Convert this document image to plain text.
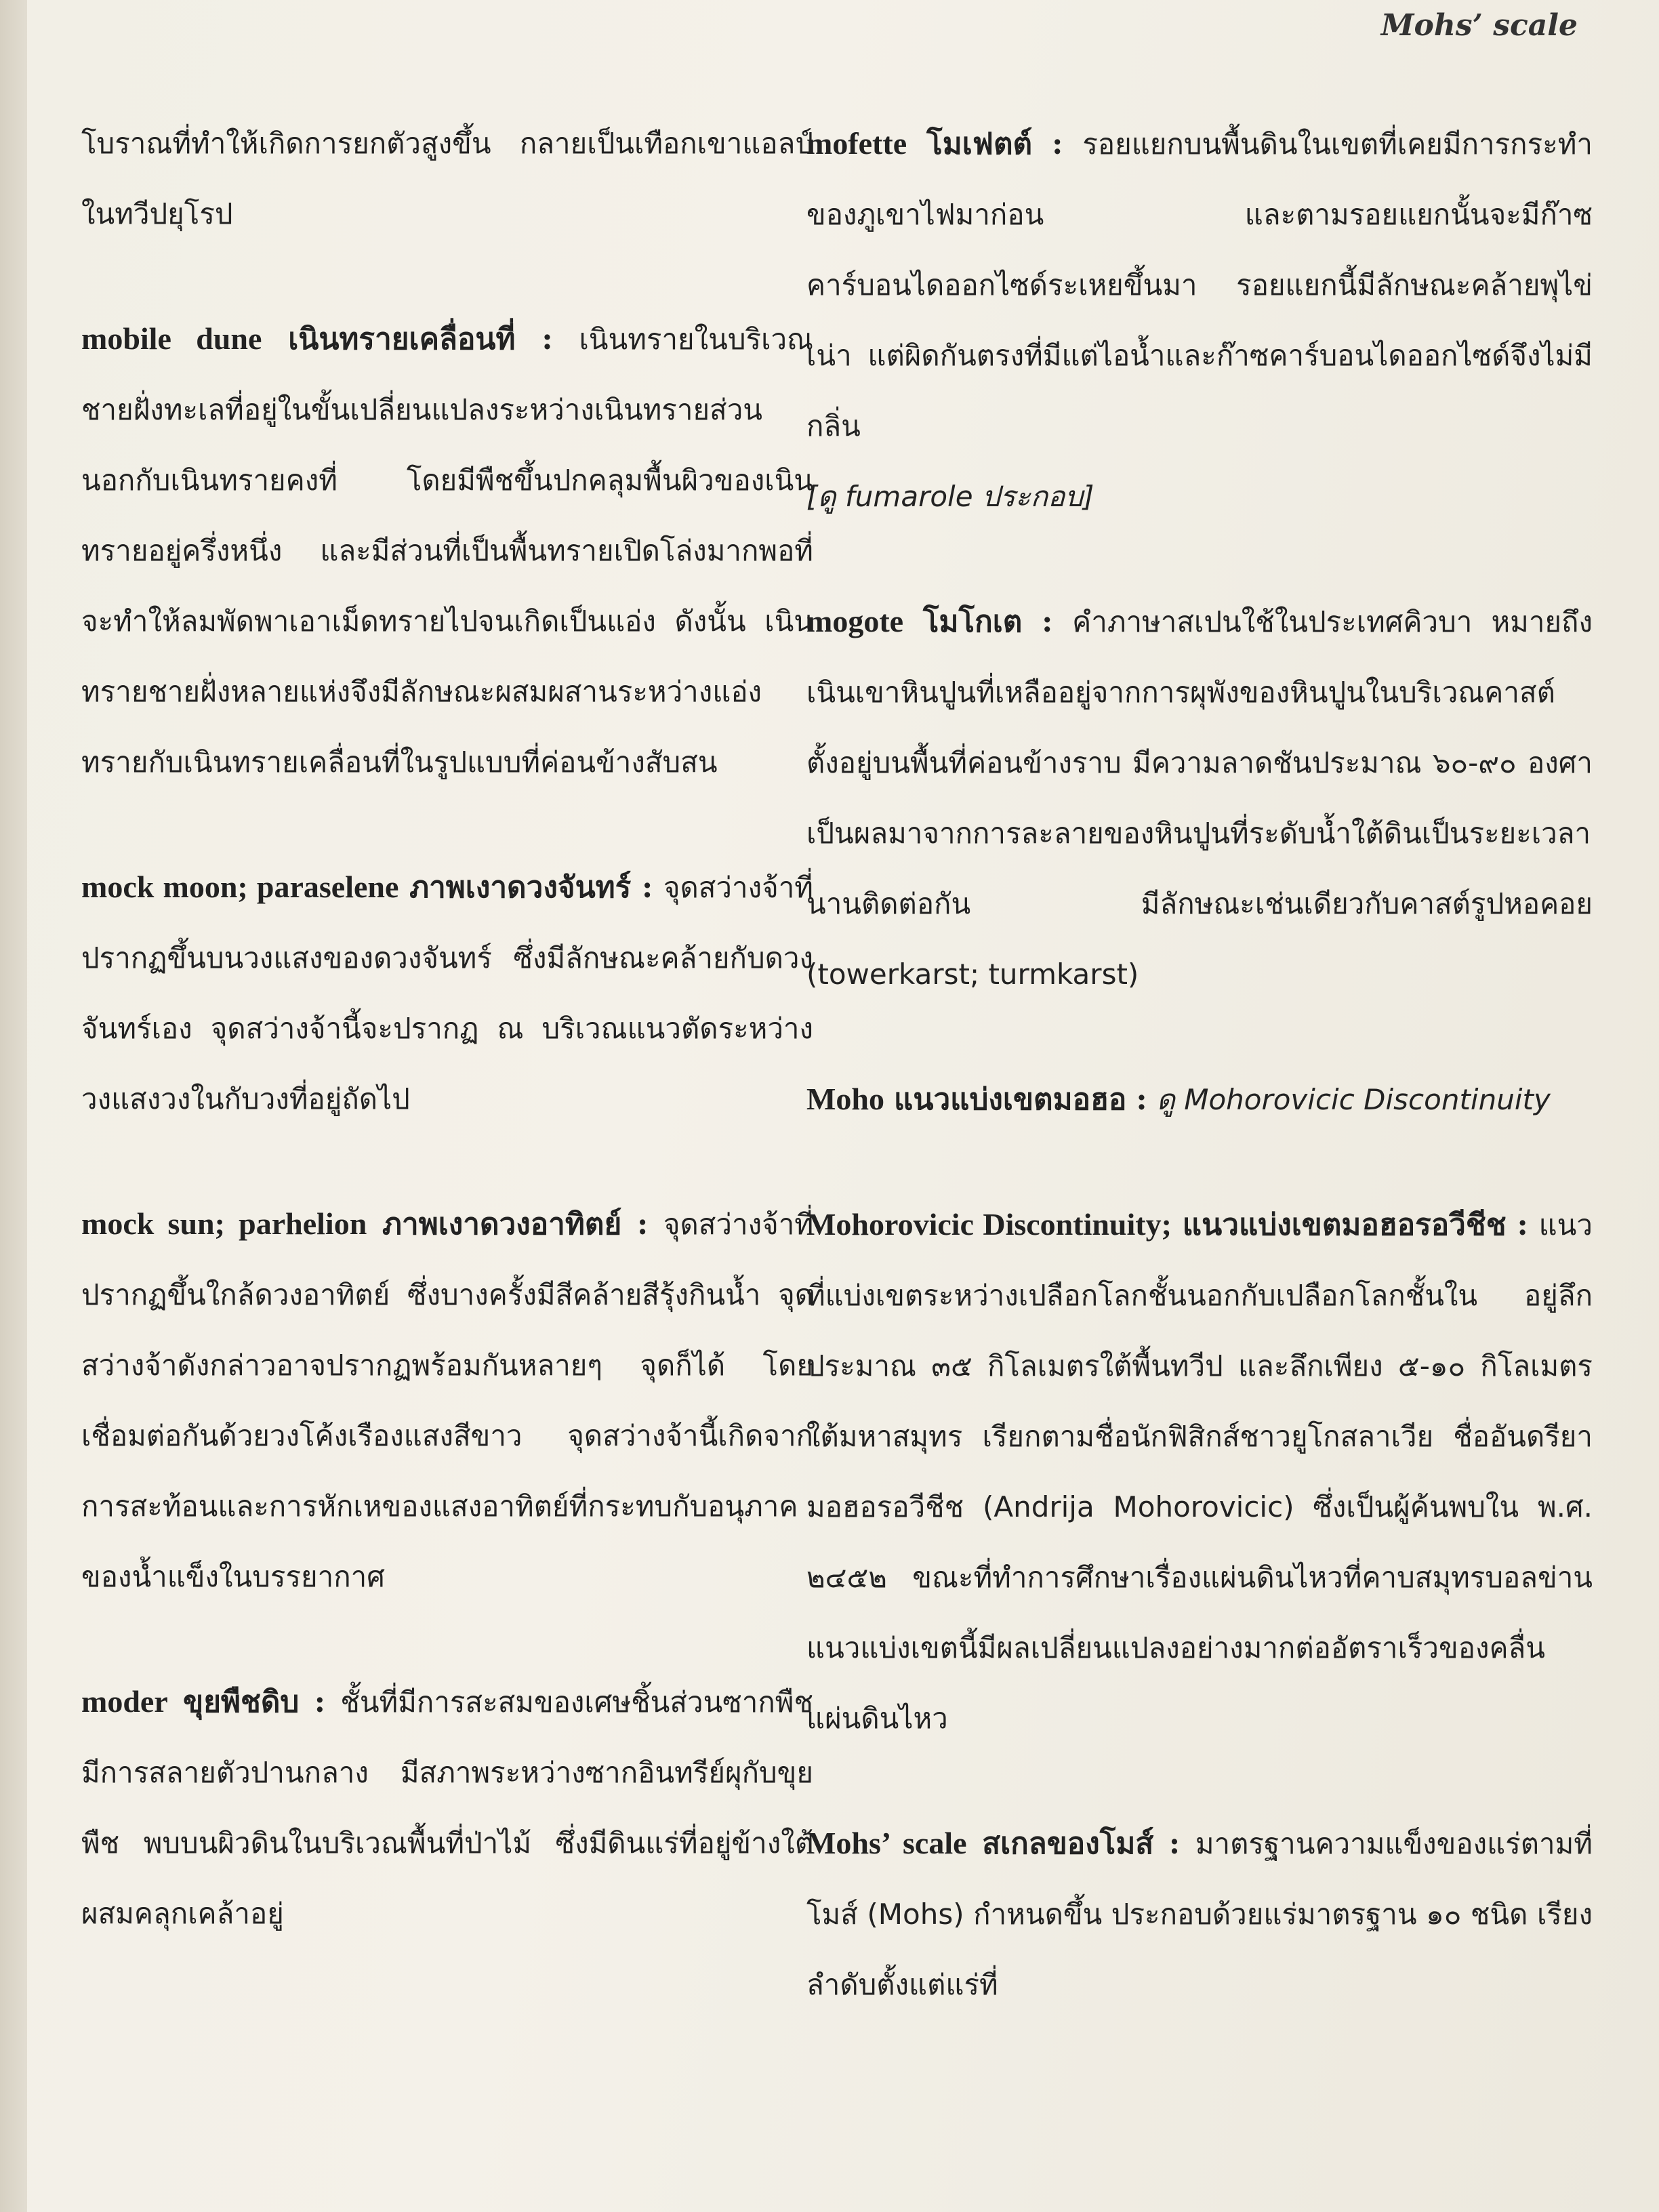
Mohs’ scale

โบราณที่ทำให้เกิดการยกตัวสูงขึ้น กลายเป็นเทือกเขาแอลป์ในทวีปยุโรป

mobile dune เนินทรายเคลื่อนที่ : เนินทรายในบริเวณชายฝั่งทะเลที่อยู่ในขั้นเปลี่ยนแปลงระหว่างเนินทรายส่วนนอกกับเนินทรายคงที่ โดยมีพืชขึ้นปกคลุมพื้นผิวของเนินทรายอยู่ครึ่งหนึ่ง และมีส่วนที่เป็นพื้นทรายเปิดโล่งมากพอที่จะทำให้ลมพัดพาเอาเม็ดทรายไปจนเกิดเป็นแอ่ง ดังนั้น เนินทรายชายฝั่งหลายแห่งจึงมีลักษณะผสมผสานระหว่างแอ่งทรายกับเนินทรายเคลื่อนที่ในรูปแบบที่ค่อนข้างสับสน

mock moon; paraselene ภาพเงาดวงจันทร์ : จุดสว่างจ้าที่ปรากฏขึ้นบนวงแสงของดวงจันทร์ ซึ่งมีลักษณะคล้ายกับดวงจันทร์เอง จุดสว่างจ้านี้จะปรากฏ ณ บริเวณแนวตัดระหว่างวงแสงวงในกับวงที่อยู่ถัดไป

mock sun; parhelion ภาพเงาดวงอาทิตย์ : จุดสว่างจ้าที่ปรากฏขึ้นใกล้ดวงอาทิตย์ ซึ่งบางครั้งมีสีคล้ายสีรุ้งกินน้ำ จุดสว่างจ้าดังกล่าวอาจปรากฏพร้อมกันหลายๆ จุดก็ได้ โดยเชื่อมต่อกันด้วยวงโค้งเรืองแสงสีขาว จุดสว่างจ้านี้เกิดจากการสะท้อนและการหักเหของแสงอาทิตย์ที่กระทบกับอนุภาคของน้ำแข็งในบรรยากาศ

moder ขุยพืชดิบ : ชั้นที่มีการสะสมของเศษชิ้นส่วนซากพืช มีการสลายตัวปานกลาง มีสภาพระหว่างซากอินทรีย์ผุกับขุยพืช พบบนผิวดินในบริเวณพื้นที่ป่าไม้ ซึ่งมีดินแร่ที่อยู่ข้างใต้ผสมคลุกเคล้าอยู่

mofette โมเฟตต์ : รอยแยกบนพื้นดินในเขตที่เคยมีการกระทำของภูเขาไฟมาก่อน และตามรอยแยกนั้นจะมีก๊าซคาร์บอนไดออกไซด์ระเหยขึ้นมา รอยแยกนี้มีลักษณะคล้ายพุไข่เน่า แต่ผิดกันตรงที่มีแต่ไอน้ำและก๊าซคาร์บอนไดออกไซด์จึงไม่มีกลิ่น

[ดู fumarole ประกอบ]

mogote โมโกเต : คำภาษาสเปนใช้ในประเทศคิวบา หมายถึง เนินเขาหินปูนที่เหลืออยู่จากการผุพังของหินปูนในบริเวณคาสต์ ตั้งอยู่บนพื้นที่ค่อนข้างราบ มีความลาดชันประมาณ ๖๐-๙๐ องศา เป็นผลมาจากการละลายของหินปูนที่ระดับน้ำใต้ดินเป็นระยะเวลานานติดต่อกัน มีลักษณะเช่นเดียวกับคาสต์รูปหอคอย (towerkarst; turmkarst)

Moho แนวแบ่งเขตมอฮอ : ดู Mohorovicic Discontinuity

Mohorovicic Discontinuity; แนวแบ่งเขตมอฮอรอวีชีช : แนวที่แบ่งเขตระหว่างเปลือกโลกชั้นนอกกับเปลือกโลกชั้นใน อยู่ลึกประมาณ ๓๕ กิโลเมตรใต้พื้นทวีป และลึกเพียง ๕-๑๐ กิโลเมตรใต้มหาสมุทร เรียกตามชื่อนักฟิสิกส์ชาวยูโกสลาเวีย ชื่ออันดรียา มอฮอรอวีชีช (Andrija Mohorovicic) ซึ่งเป็นผู้ค้นพบใน พ.ศ. ๒๔๕๒ ขณะที่ทำการศึกษาเรื่องแผ่นดินไหวที่คาบสมุทรบอลข่าน แนวแบ่งเขตนี้มีผลเปลี่ยนแปลงอย่างมากต่ออัตราเร็วของคลื่นแผ่นดินไหว

Mohs’ scale สเกลของโมส์ : มาตรฐานความแข็งของแร่ตามที่โมส์ (Mohs) กำหนดขึ้น ประกอบด้วยแร่มาตรฐาน ๑๐ ชนิด เรียงลำดับตั้งแต่แร่ที่
